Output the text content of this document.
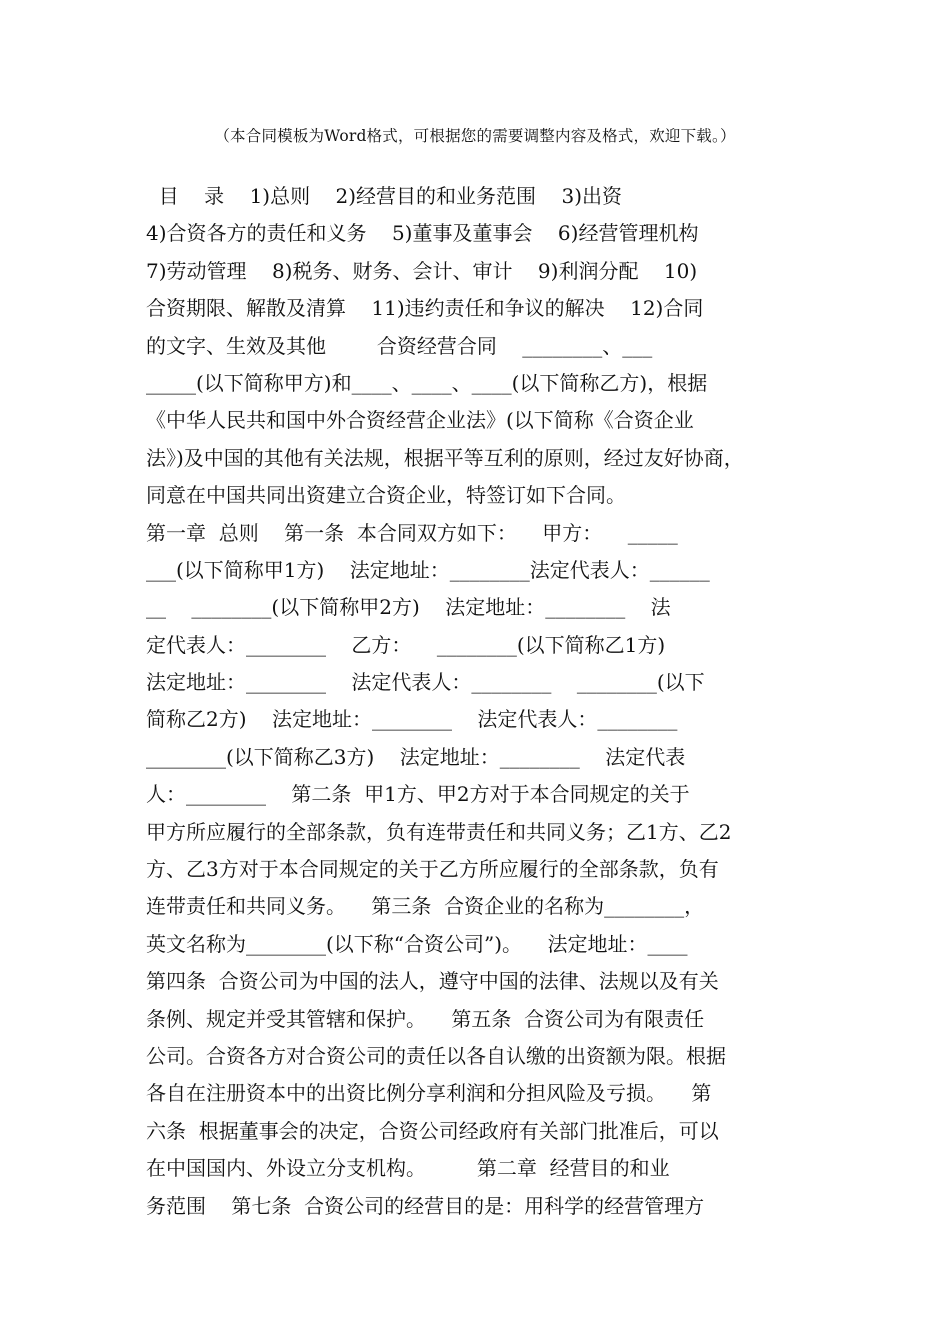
（本合同模板为Word格式，可根据您的需要调整内容及格式，欢迎下载。）
目    录    1)总则    2)经营目的和业务范围    3)出资
4)合资各方的责任和义务    5)董事及董事会    6)经营管理机构
7)劳动管理    8)税务、财务、会计、审计    9)利润分配    10)
合资期限、解散及清算    11)违约责任和争议的解决    12)合同
的文字、生效及其他        合资经营合同    ________、___
_____(以下简称甲方)和____、____、____(以下简称乙方)，根据
《中华人民共和国中外合资经营企业法》(以下简称《合资企业
法》)及中国的其他有关法规，根据平等互利的原则，经过友好协商，
同意在中国共同出资建立合资企业，特签订如下合同。
第一章  总则    第一条  本合同双方如下：    甲方：    _____
___(以下简称甲1方)    法定地址：________法定代表人：______
__    ________(以下简称甲2方)    法定地址：________    法
定代表人：________    乙方：    ________(以下简称乙1方)
法定地址：________    法定代表人：________    ________(以下
简称乙2方)    法定地址：________    法定代表人：________
________(以下简称乙3方)    法定地址：________    法定代表
人：________    第二条  甲1方、甲2方对于本合同规定的关于
甲方所应履行的全部条款，负有连带责任和共同义务；乙1方、乙2
方、乙3方对于本合同规定的关于乙方所应履行的全部条款，负有
连带责任和共同义务。    第三条  合资企业的名称为________，
英文名称为________(以下称“合资公司”)。    法定地址：____
第四条  合资公司为中国的法人，遵守中国的法律、法规以及有关
条例、规定并受其管辖和保护。    第五条  合资公司为有限责任
公司。合资各方对合资公司的责任以各自认缴的出资额为限。根据
各自在注册资本中的出资比例分享利润和分担风险及亏损。    第
六条  根据董事会的决定，合资公司经政府有关部门批准后，可以
在中国国内、外设立分支机构。        第二章  经营目的和业
务范围    第七条  合资公司的经营目的是：用科学的经营管理方
